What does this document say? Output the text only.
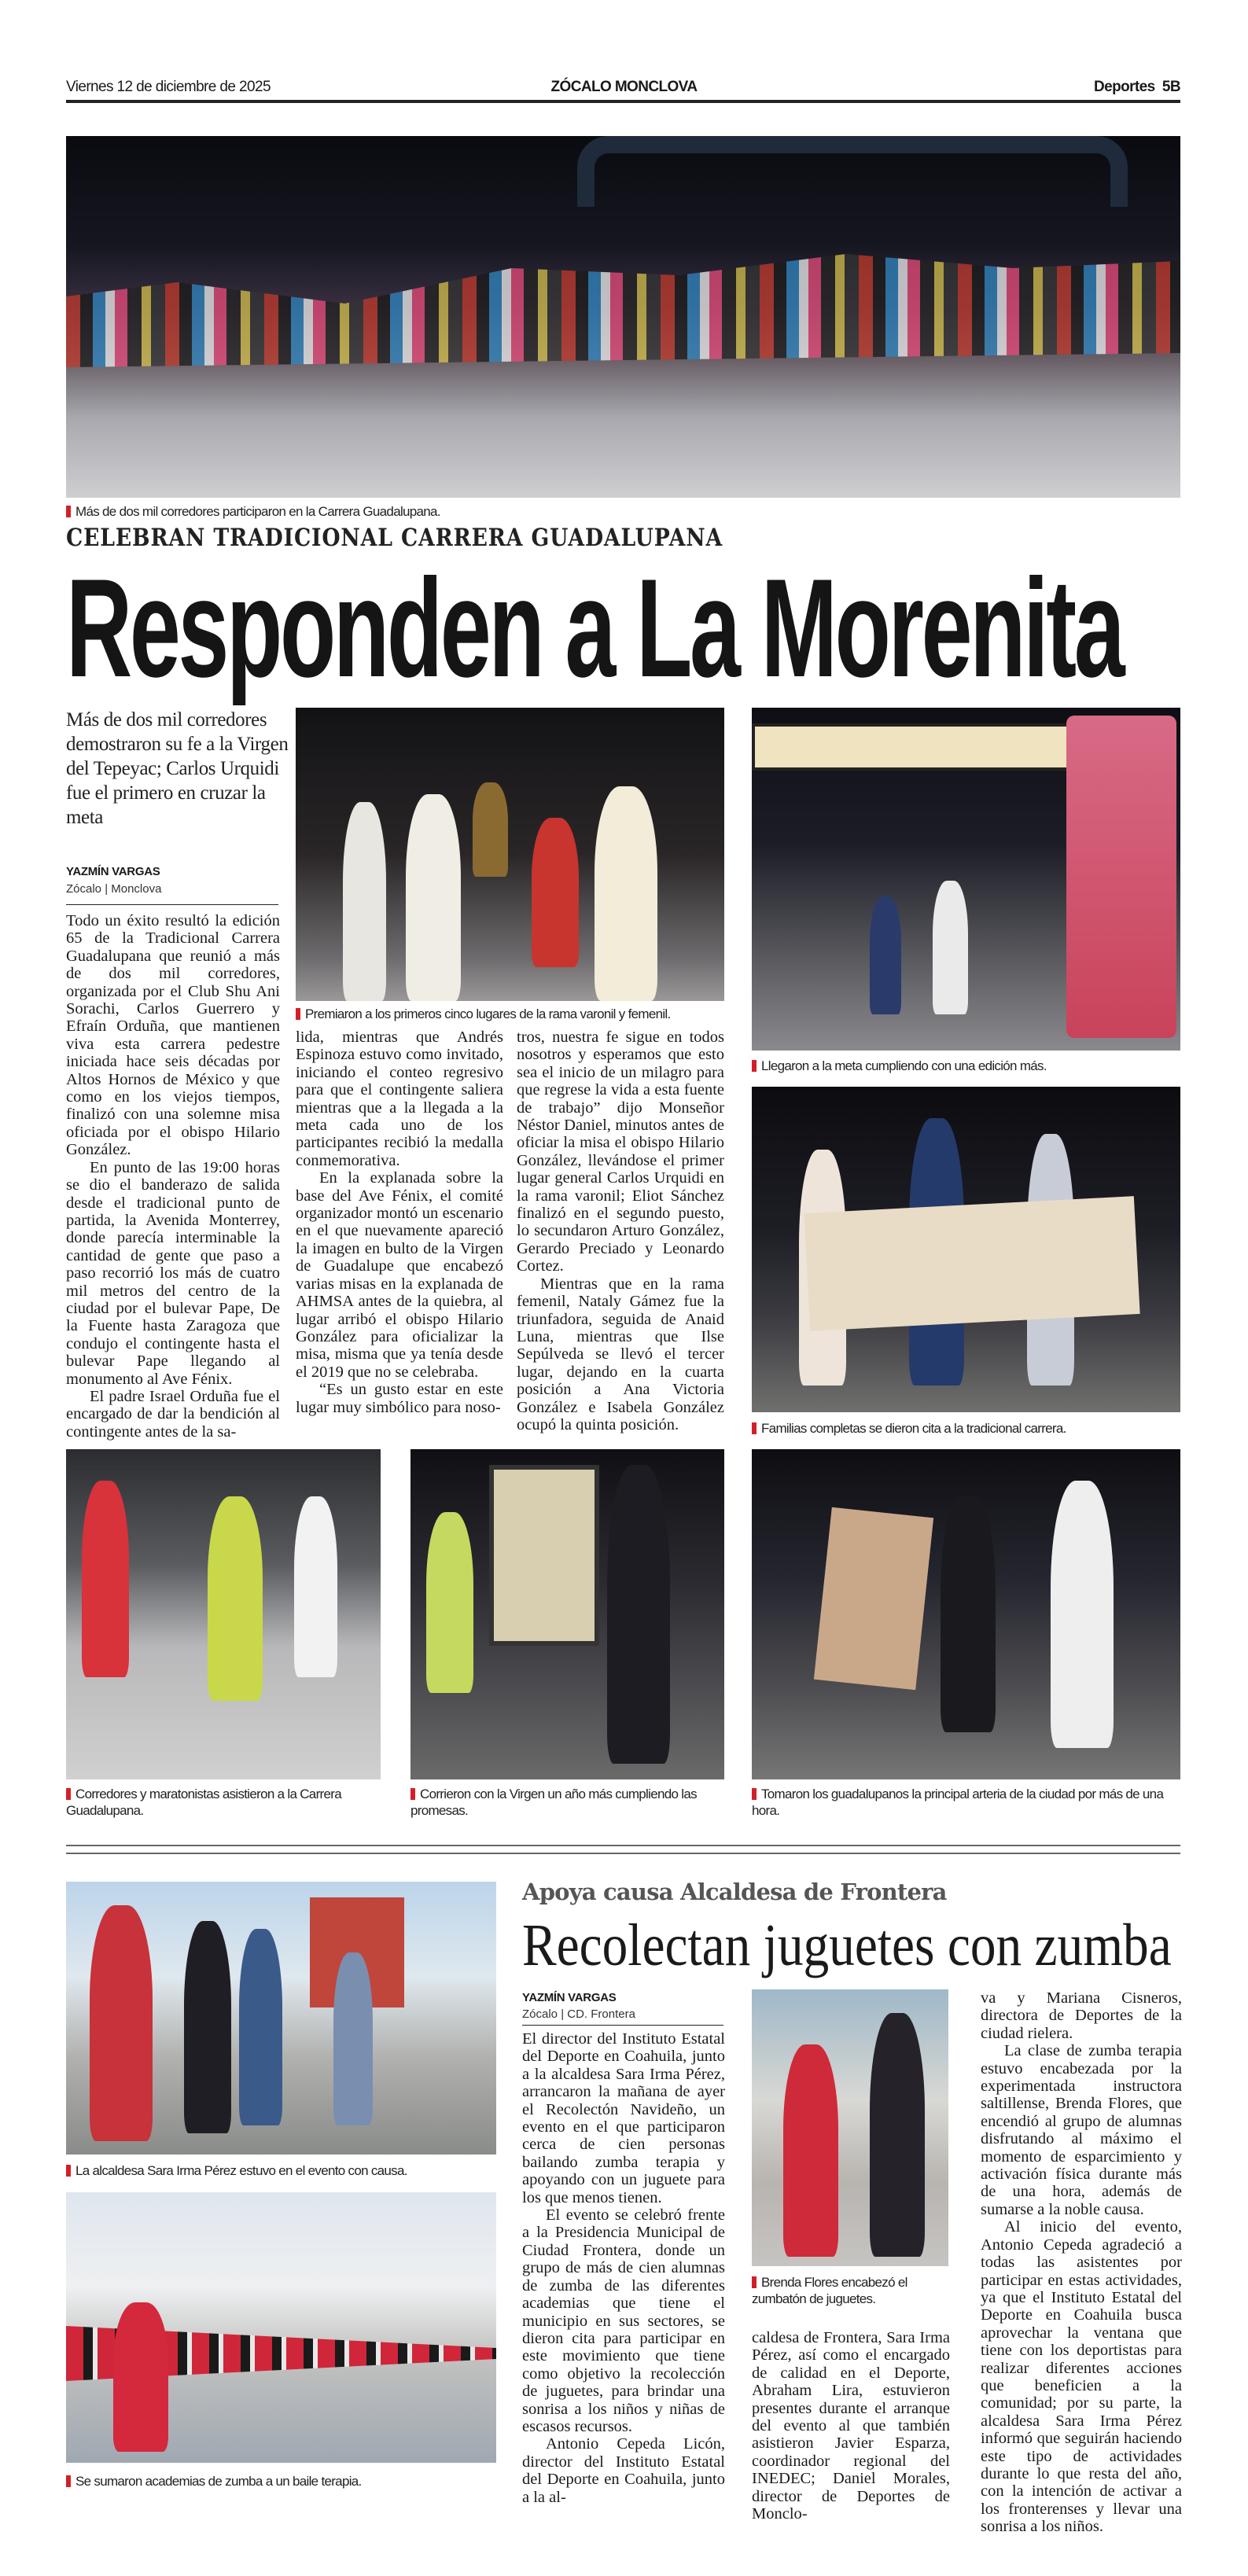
Viernes 12 de diciembre de 2025	ZÓCALO MONCLOVA	Deportes 5B
Más de dos mil corredores participaron en la Carrera Guadalupana.
CELEBRAN TRADICIONAL CARRERA GUADALUPANA
Responden a La Morenita
Más de dos mil corredores demostraron su fe a la Virgen del Tepeyac; Carlos Urquidi fue el primero en cruzar la meta
YAZMÍN VARGAS
Zócalo | Monclova

Todo un éxito resultó la edición 65 de la Tradicional Carrera Guadalupana que reunió a más de dos mil corredores, organizada por el Club Shu Ani Sorachi, Carlos Guerrero y Efraín Orduña, que mantienen viva esta carrera pedestre iniciada hace seis décadas por Altos Hornos de México y que como en los viejos tiempos, finalizó con una solemne misa oficiada por el obispo Hilario González.

En punto de las 19:00 horas se dio el banderazo de salida desde el tradicional punto de partida, la Avenida Monterrey, donde parecía interminable la cantidad de gente que paso a paso recorrió los más de cuatro mil metros del centro de la ciudad por el bulevar Pape, De la Fuente hasta Zaragoza que condujo el contingente hasta el bulevar Pape llegando al monumento al Ave Fénix.

El padre Israel Orduña fue el encargado de dar la bendición al contingente antes de la sa-

Premiaron a los primeros cinco lugares de la rama varonil y femenil.

lida, mientras que Andrés Espinoza estuvo como invitado, iniciando el conteo regresivo para que el contingente saliera mientras que a la llegada a la meta cada uno de los participantes recibió la medalla conmemorativa.

En la explanada sobre la base del Ave Fénix, el comité organizador montó un escenario en el que nuevamente apareció la imagen en bulto de la Virgen de Guadalupe que encabezó varias misas en la explanada de AHMSA antes de la quiebra, al lugar arribó el obispo Hilario González para oficializar la misa, misma que ya tenía desde el 2019 que no se celebraba.

“Es un gusto estar en este lugar muy simbólico para noso-

tros, nuestra fe sigue en todos nosotros y esperamos que esto sea el inicio de un milagro para que regrese la vida a esta fuente de trabajo” dijo Monseñor Néstor Daniel, minutos antes de oficiar la misa el obispo Hilario González, llevándose el primer lugar general Carlos Urquidi en la rama varonil; Eliot Sánchez finalizó en el segundo puesto, lo secundaron Arturo González, Gerardo Preciado y Leonardo Cortez.

Mientras que en la rama femenil, Nataly Gámez fue la triunfadora, seguida de Anaid Luna, mientras que Ilse Sepúlveda se llevó el tercer lugar, dejando en la cuarta posición a Ana Victoria González e Isabela González ocupó la quinta posición.

Llegaron a la meta cumpliendo con una edición más.
Familias completas se dieron cita a la tradicional carrera.
Corredores y maratonistas asistieron a la Carrera Guadalupana.
Corrieron con la Virgen un año más cumpliendo las promesas.
Tomaron los guadalupanos la principal arteria de la ciudad por más de una hora.
La alcaldesa Sara Irma Pérez estuvo en el evento con causa.
Se sumaron academias de zumba a un baile terapia.
Apoya causa Alcaldesa de Frontera
Recolectan juguetes con zumba
YAZMÍN VARGAS
Zócalo | CD. Frontera

El director del Instituto Estatal del Deporte en Coahuila, junto a la alcaldesa Sara Irma Pérez, arrancaron la mañana de ayer el Recolectón Navideño, un evento en el que participaron cerca de cien personas bailando zumba terapia y apoyando con un juguete para los que menos tienen.

El evento se celebró frente a la Presidencia Municipal de Ciudad Frontera, donde un grupo de más de cien alumnas de zumba de las diferentes academias que tiene el municipio en sus sectores, se dieron cita para participar en este movimiento que tiene como objetivo la recolección de juguetes, para brindar una sonrisa a los niños y niñas de escasos recursos.

Antonio Cepeda Licón, director del Instituto Estatal del Deporte en Coahuila, junto a la al-

Brenda Flores encabezó el zumbatón de juguetes.

caldesa de Frontera, Sara Irma Pérez, así como el encargado de calidad en el Deporte, Abraham Lira, estuvieron presentes durante el arranque del evento al que también asistieron Javier Esparza, coordinador regional del INEDEC; Daniel Morales, director de Deportes de Monclo-

va y Mariana Cisneros, directora de Deportes de la ciudad rielera.

La clase de zumba terapia estuvo encabezada por la experimentada instructora saltillense, Brenda Flores, que encendió al grupo de alumnas disfrutando al máximo el momento de esparcimiento y activación física durante más de una hora, además de sumarse a la noble causa.

Al inicio del evento, Antonio Cepeda agradeció a todas las asistentes por participar en estas actividades, ya que el Instituto Estatal del Deporte en Coahuila busca aprovechar la ventana que tiene con los deportistas para realizar diferentes acciones que beneficien a la comunidad; por su parte, la alcaldesa Sara Irma Pérez informó que seguirán haciendo este tipo de actividades durante lo que resta del año, con la intención de activar a los fronterenses y llevar una sonrisa a los niños.
